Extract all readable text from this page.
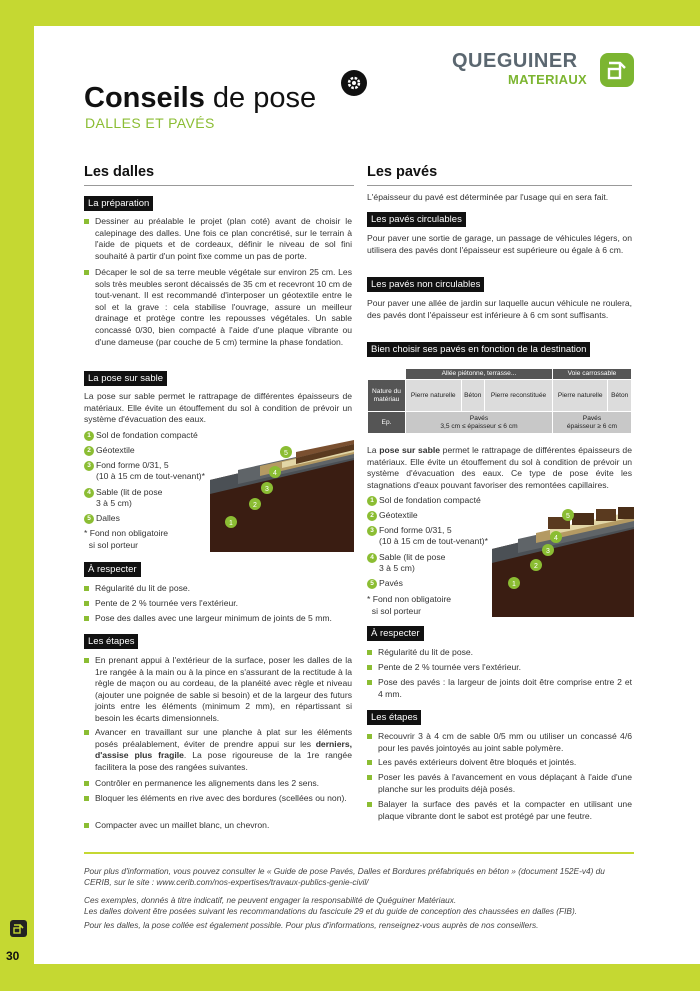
30
QUEGUINER
MATERIAUX
Conseils de pose
DALLES ET PAVÉS
Les dalles
La préparation
Dessiner au préalable le projet (plan coté) avant de choisir le calepinage des dalles. Une fois ce plan concrétisé, sur le terrain à l'aide de piquets et de cordeaux, définir le niveau de sol fini souhaité à partir d'un point fixe comme un pas de porte.
Décaper le sol de sa terre meuble végétale sur environ 25 cm. Les sols très meubles seront décaissés de 35 cm et recevront 10 cm de tout-venant. Il est recommandé d'interposer un géotextile entre le sol et la grave : cela stabilise l'ouvrage, assure un meilleur drainage et protège contre les repousses végétales. Un sable concassé 0/30, bien compacté à l'aide d'une plaque vibrante ou d'une dameuse (par couche de 5 cm) termine la phase fondation.
La pose sur sable
La pose sur sable permet le rattrapage de différentes épaisseurs de matériaux. Elle évite un étouffement du sol à condition de prévoir un système d'évacuation des eaux.
1 Sol de fondation compacté
2 Géotextile
3 Fond forme 0/31, 5
(10 à 15 cm de tout-venant)*
4 Sable (lit de pose
3 à 5 cm)
5 Dalles
* Fond non obligatoire
si sol porteur
1
2
3
4
5
À respecter
Régularité du lit de pose.
Pente de 2 % tournée vers l'extérieur.
Pose des dalles avec une largeur minimum de joints de 5 mm.
Les étapes
En prenant appui à l'extérieur de la surface, poser les dalles de la 1re rangée à la main ou à la pince en s'assurant de la rectitude à la règle de maçon ou au cordeau, de la planéité avec règle et niveau (ajouter une poignée de sable si besoin) et de la largeur des futurs joints entre les éléments (minimum 2 mm), en répartissant si besoin les écarts dimensionnels.
Avancer en travaillant sur une planche à plat sur les éléments posés préalablement, éviter de prendre appui sur les derniers, d'assise plus fragile. La pose rigoureuse de la 1re rangée facilitera la pose des rangées suivantes.
Contrôler en permanence les alignements dans les 2 sens.
Bloquer les éléments en rive avec des bordures (scellées ou non).
Compacter avec un maillet blanc, un chevron.
Les pavés
L'épaisseur du pavé est déterminée par l'usage qui en sera fait.
Les pavés circulables
Pour paver une sortie de garage, un passage de véhicules légers, on utilisera des pavés dont l'épaisseur est supérieure ou égale à 6 cm.
Les pavés non circulables
Pour paver une allée de jardin sur laquelle aucun véhicule ne roulera, des pavés dont l'épaisseur est inférieure à 6 cm sont suffisants.
Bien choisir ses pavés en fonction de la destination
	Allée piétonne, terrasse...			Voie carrossable	
Nature du matériau	Pierre naturelle	Béton	Pierre reconstituée	Pierre naturelle	Béton
Ep.	Pavés
3,5 cm ≤ épaisseur ≤ 6 cm			Pavés
épaisseur ≥ 6 cm	
La pose sur sable permet le rattrapage de différentes épaisseurs de matériaux. Elle évite un étouffement du sol à condition de prévoir un système d'évacuation des eaux. Ce type de pose évite les stagnations d'eaux pouvant favoriser des remontées capillaires.
1 Sol de fondation compacté
2 Géotextile
3 Fond forme 0/31, 5
(10 à 15 cm de tout-venant)*
4 Sable (lit de pose
3 à 5 cm)
5 Pavés
* Fond non obligatoire
si sol porteur
1
2
3
4
5
À respecter
Régularité du lit de pose.
Pente de 2 % tournée vers l'extérieur.
Pose des pavés : la largeur de joints doit être comprise entre 2 et 4 mm.
Les étapes
Recouvrir 3 à 4 cm de sable 0/5 mm ou utiliser un concassé 4/6 pour les pavés jointoyés au joint sable polymère.
Les pavés extérieurs doivent être bloqués et jointés.
Poser les pavés à l'avancement en vous déplaçant à l'aide d'une planche sur les produits déjà posés.
Balayer la surface des pavés et la compacter en utilisant une plaque vibrante dont le sabot est protégé par une feutre.
Pour plus d'information, vous pouvez consulter le « Guide de pose Pavés, Dalles et Bordures préfabriqués en béton » (document 152E-v4) du CERIB, sur le site : www.cerib.com/nos-expertises/travaux-publics-genie-civil/
Ces exemples, donnés à titre indicatif, ne peuvent engager la responsabilité de Quéguiner Matériaux.
Les dalles doivent être posées suivant les recommandations du fascicule 29 et du guide de conception des chaussées en dalles (FIB).
Pour les dalles, la pose collée est également possible. Pour plus d'informations, renseignez-vous auprès de nos conseillers.
